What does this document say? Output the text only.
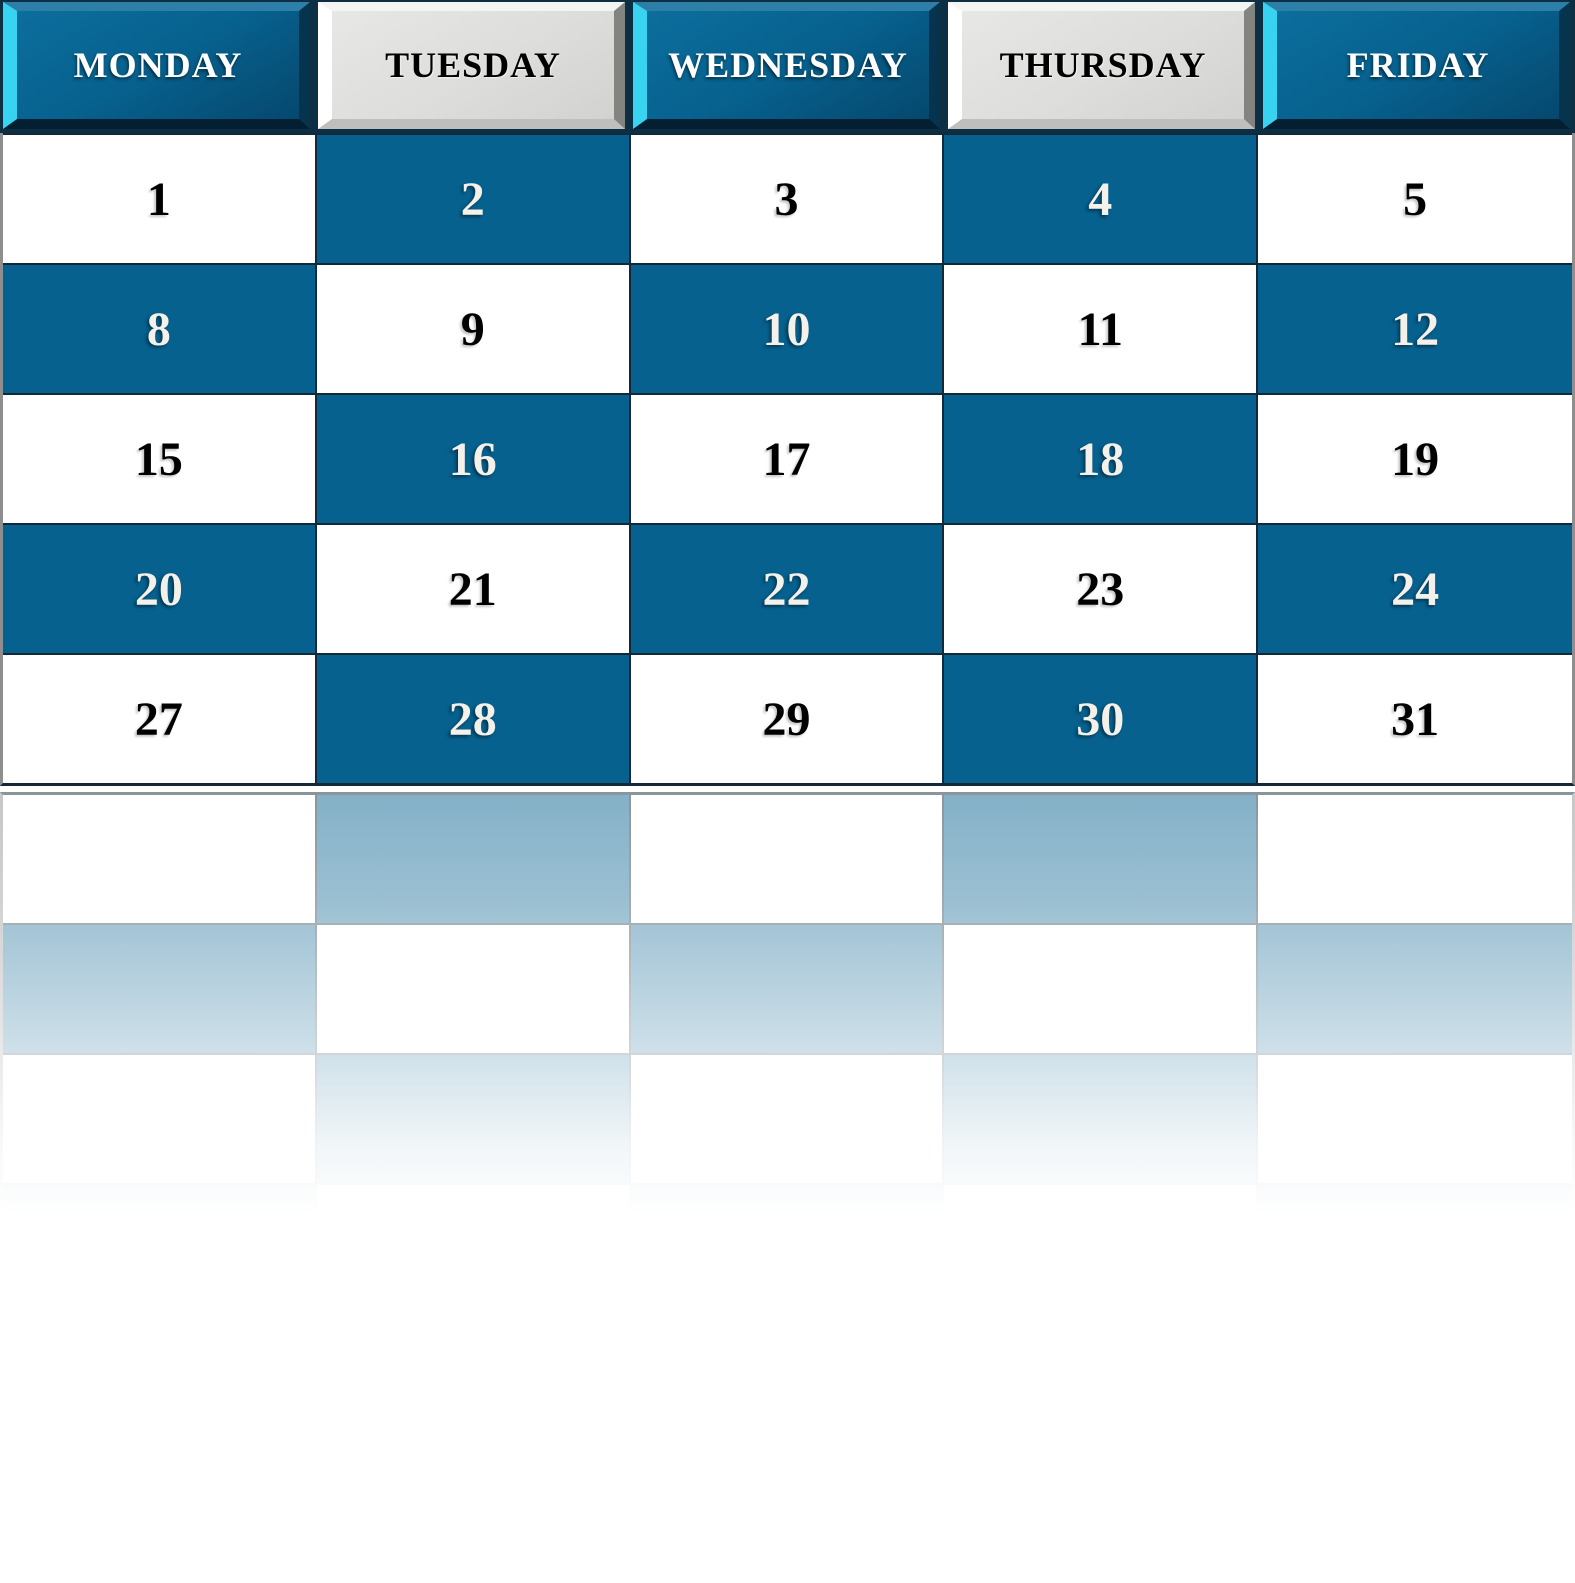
MONDAY	TUESDAY	WEDNESDAY	THURSDAY	FRIDAY
1	2	3	4	5
8	9	10	11	12
15	16	17	18	19
20	21	22	23	24
27	28	29	30	31
